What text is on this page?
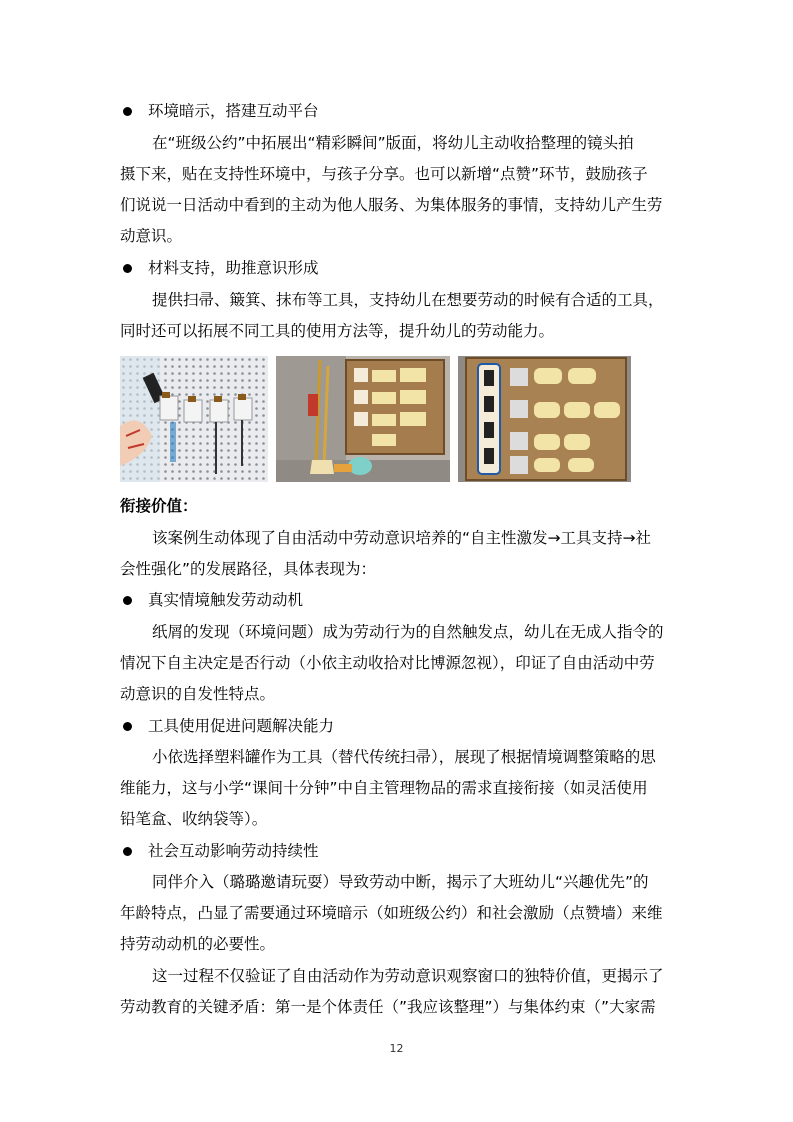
环境暗示，搭建互动平台
在“班级公约”中拓展出“精彩瞬间”版面，将幼儿主动收拾整理的镜头拍
摄下来，贴在支持性环境中，与孩子分享。也可以新增“点赞”环节，鼓励孩子
们说说一日活动中看到的主动为他人服务、为集体服务的事情，支持幼儿产生劳
动意识。
材料支持，助推意识形成
提供扫帚、簸箕、抹布等工具，支持幼儿在想要劳动的时候有合适的工具，
同时还可以拓展不同工具的使用方法等，提升幼儿的劳动能力。
衔接价值：
该案例生动体现了自由活动中劳动意识培养的“自主性激发→工具支持→社
会性强化”的发展路径，具体表现为：
真实情境触发劳动动机
纸屑的发现（环境问题）成为劳动行为的自然触发点，幼儿在无成人指令的
情况下自主决定是否行动（小依主动收拾对比博源忽视），印证了自由活动中劳
动意识的自发性特点。
工具使用促进问题解决能力
小依选择塑料罐作为工具（替代传统扫帚），展现了根据情境调整策略的思
维能力，这与小学“课间十分钟”中自主管理物品的需求直接衔接（如灵活使用
铅笔盒、收纳袋等）。
社会互动影响劳动持续性
同伴介入（璐璐邀请玩耍）导致劳动中断，揭示了大班幼儿“兴趣优先”的
年龄特点，凸显了需要通过环境暗示（如班级公约）和社会激励（点赞墙）来维
持劳动动机的必要性。
这一过程不仅验证了自由活动作为劳动意识观察窗口的独特价值，更揭示了
劳动教育的关键矛盾：第一是个体责任（”我应该整理”）与集体约束（”大家需
12
